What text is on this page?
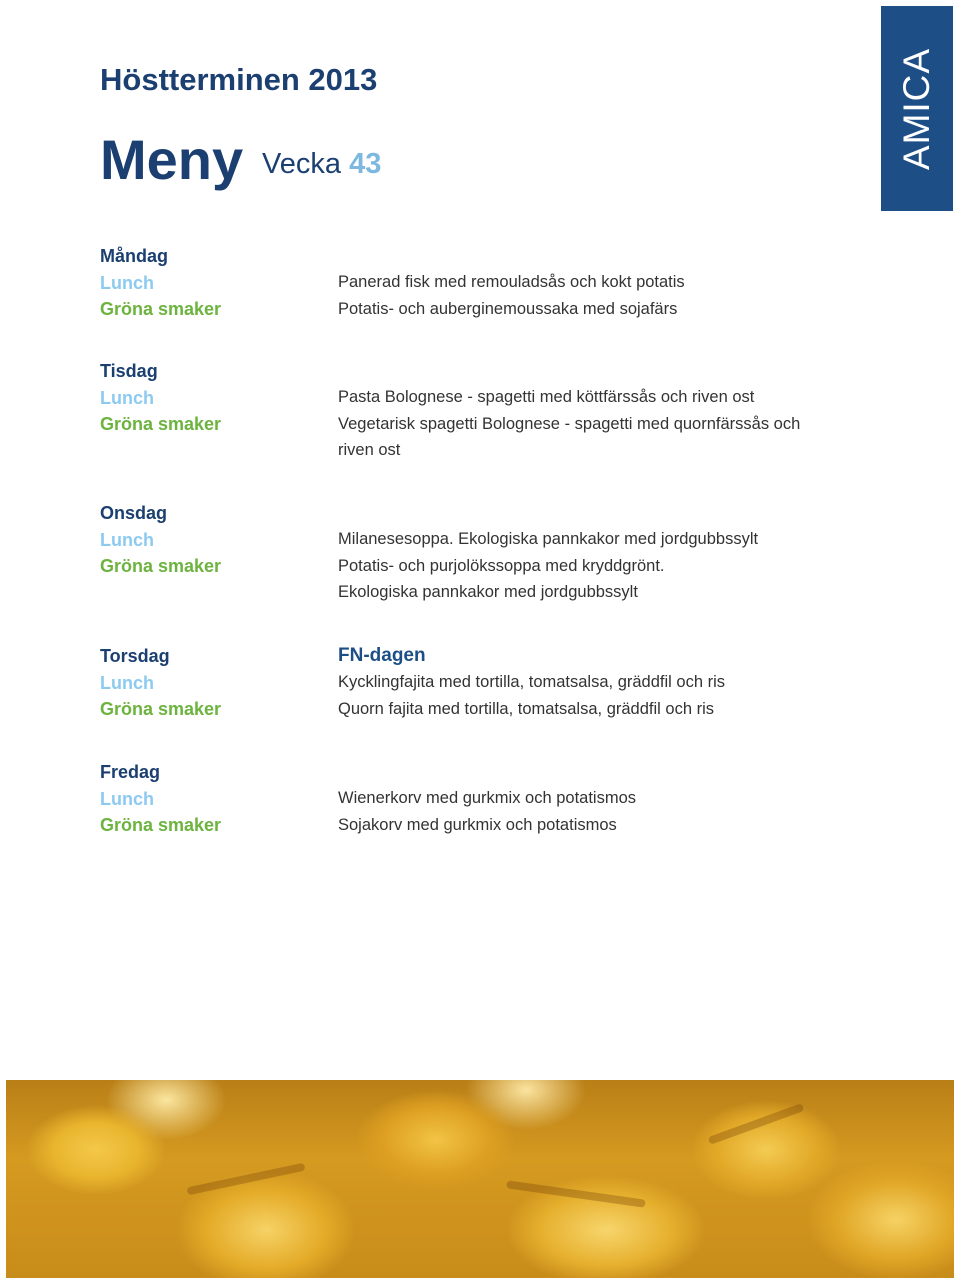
AMICA
Höstterminen 2013
Meny Vecka 43
Måndag
Lunch
Gröna smaker
Panerad fisk med remouladsås och kokt potatis
Potatis- och auberginemoussaka med sojafärs
Tisdag
Lunch
Gröna smaker
Pasta Bolognese - spagetti med köttfärssås och riven ost
Vegetarisk spagetti Bolognese - spagetti med quornfärssås och
riven ost
Onsdag
Lunch
Gröna smaker
Milanesesoppa. Ekologiska pannkakor med jordgubbssylt
Potatis- och purjolökssoppa med kryddgrönt.
Ekologiska pannkakor med jordgubbssylt
Torsdag
Lunch
Gröna smaker
FN-dagen
Kycklingfajita med tortilla, tomatsalsa, gräddfil och ris
Quorn fajita med tortilla, tomatsalsa, gräddfil och ris
Fredag
Lunch
Gröna smaker
Wienerkorv med gurkmix och potatismos
Sojakorv med gurkmix och potatismos
